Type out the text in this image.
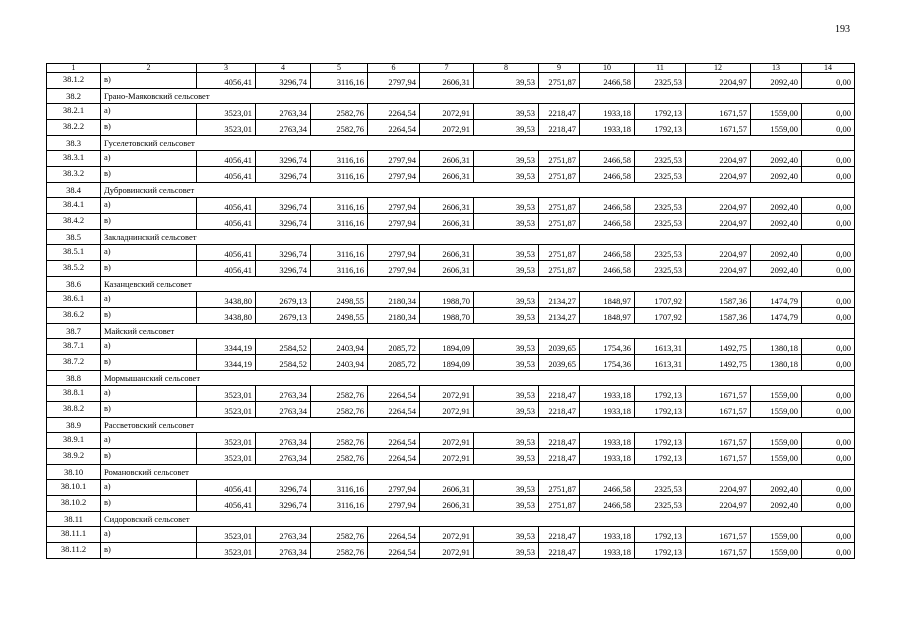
193
1	2	3	4	5	6	7	8	9	10	11	12	13	14
38.1.2	в)	4056,41	3296,74	3116,16	2797,94	2606,31	39,53	2751,87	2466,58	2325,53	2204,97	2092,40	0,00
38.2	Грано-Маяковский сельсовет												
38.2.1	а)	3523,01	2763,34	2582,76	2264,54	2072,91	39,53	2218,47	1933,18	1792,13	1671,57	1559,00	0,00
38.2.2	в)	3523,01	2763,34	2582,76	2264,54	2072,91	39,53	2218,47	1933,18	1792,13	1671,57	1559,00	0,00
38.3	Гуселетовский сельсовет												
38.3.1	а)	4056,41	3296,74	3116,16	2797,94	2606,31	39,53	2751,87	2466,58	2325,53	2204,97	2092,40	0,00
38.3.2	в)	4056,41	3296,74	3116,16	2797,94	2606,31	39,53	2751,87	2466,58	2325,53	2204,97	2092,40	0,00
38.4	Дубровинский сельсовет												
38.4.1	а)	4056,41	3296,74	3116,16	2797,94	2606,31	39,53	2751,87	2466,58	2325,53	2204,97	2092,40	0,00
38.4.2	в)	4056,41	3296,74	3116,16	2797,94	2606,31	39,53	2751,87	2466,58	2325,53	2204,97	2092,40	0,00
38.5	Закладнинский сельсовет												
38.5.1	а)	4056,41	3296,74	3116,16	2797,94	2606,31	39,53	2751,87	2466,58	2325,53	2204,97	2092,40	0,00
38.5.2	в)	4056,41	3296,74	3116,16	2797,94	2606,31	39,53	2751,87	2466,58	2325,53	2204,97	2092,40	0,00
38.6	Казанцевский сельсовет												
38.6.1	а)	3438,80	2679,13	2498,55	2180,34	1988,70	39,53	2134,27	1848,97	1707,92	1587,36	1474,79	0,00
38.6.2	в)	3438,80	2679,13	2498,55	2180,34	1988,70	39,53	2134,27	1848,97	1707,92	1587,36	1474,79	0,00
38.7	Майский сельсовет												
38.7.1	а)	3344,19	2584,52	2403,94	2085,72	1894,09	39,53	2039,65	1754,36	1613,31	1492,75	1380,18	0,00
38.7.2	в)	3344,19	2584,52	2403,94	2085,72	1894,09	39,53	2039,65	1754,36	1613,31	1492,75	1380,18	0,00
38.8	Мормышанский сельсовет												
38.8.1	а)	3523,01	2763,34	2582,76	2264,54	2072,91	39,53	2218,47	1933,18	1792,13	1671,57	1559,00	0,00
38.8.2	в)	3523,01	2763,34	2582,76	2264,54	2072,91	39,53	2218,47	1933,18	1792,13	1671,57	1559,00	0,00
38.9	Рассветовский сельсовет												
38.9.1	а)	3523,01	2763,34	2582,76	2264,54	2072,91	39,53	2218,47	1933,18	1792,13	1671,57	1559,00	0,00
38.9.2	в)	3523,01	2763,34	2582,76	2264,54	2072,91	39,53	2218,47	1933,18	1792,13	1671,57	1559,00	0,00
38.10	Романовский сельсовет												
38.10.1	а)	4056,41	3296,74	3116,16	2797,94	2606,31	39,53	2751,87	2466,58	2325,53	2204,97	2092,40	0,00
38.10.2	в)	4056,41	3296,74	3116,16	2797,94	2606,31	39,53	2751,87	2466,58	2325,53	2204,97	2092,40	0,00
38.11	Сидоровский сельсовет												
38.11.1	а)	3523,01	2763,34	2582,76	2264,54	2072,91	39,53	2218,47	1933,18	1792,13	1671,57	1559,00	0,00
38.11.2	в)	3523,01	2763,34	2582,76	2264,54	2072,91	39,53	2218,47	1933,18	1792,13	1671,57	1559,00	0,00
